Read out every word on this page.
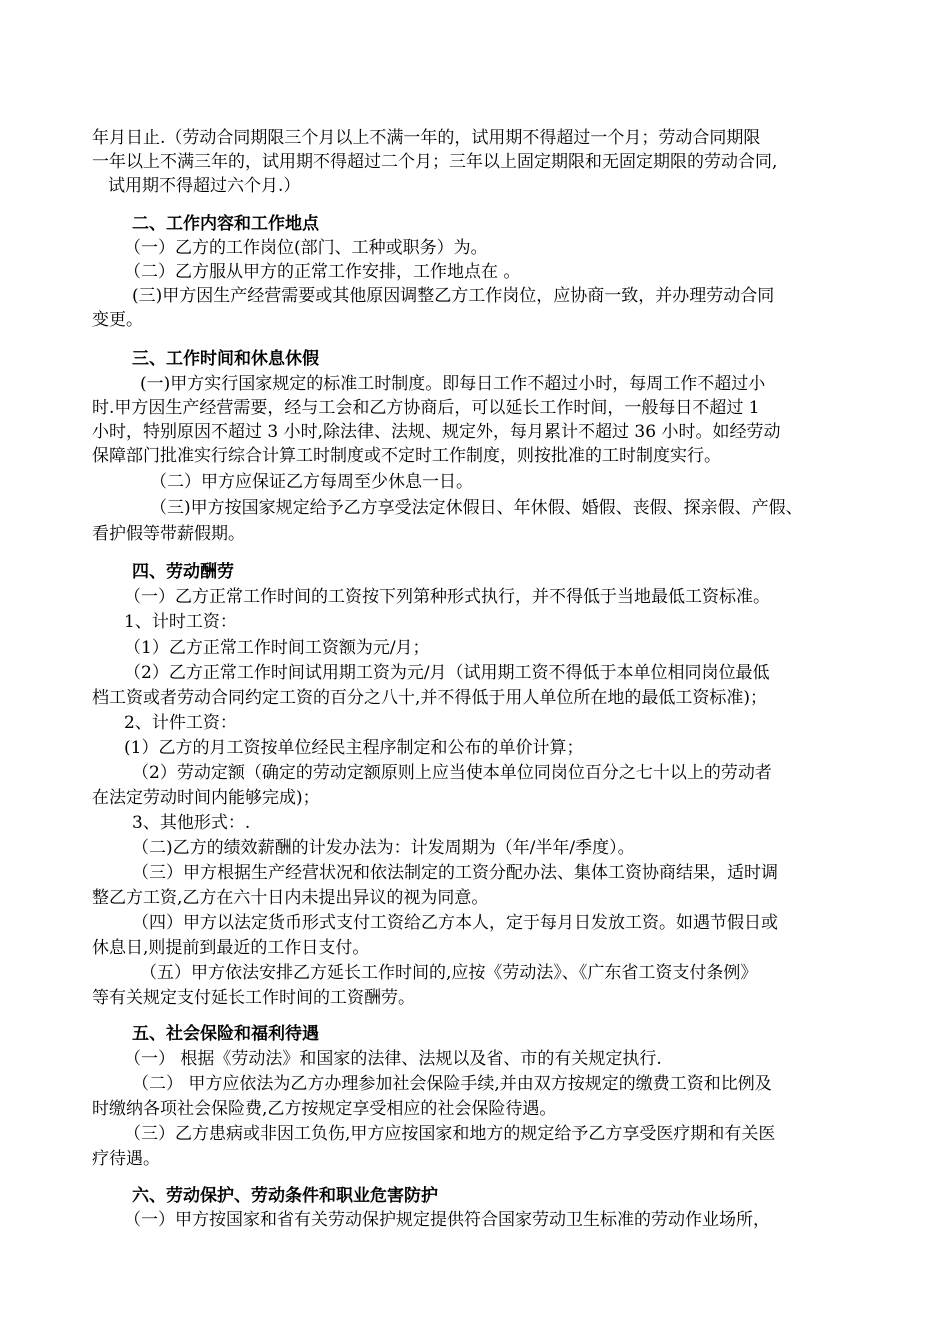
年月日止.（劳动合同期限三个月以上不满一年的，试用期不得超过一个月；劳动合同期限
一年以上不满三年的，试用期不得超过二个月；三年以上固定期限和无固定期限的劳动合同,
试用期不得超过六个月.）
二、工作内容和工作地点
（一）乙方的工作岗位(部门、工种或职务）为。
（二）乙方服从甲方的正常工作安排，工作地点在 。
(三)甲方因生产经营需要或其他原因调整乙方工作岗位，应协商一致，并办理劳动合同
变更。
三、工作时间和休息休假
(一)甲方实行国家规定的标准工时制度。即每日工作不超过小时，每周工作不超过小
时.甲方因生产经营需要，经与工会和乙方协商后，可以延长工作时间，一般每日不超过 1
小时，特别原因不超过 3 小时,除法律、法规、规定外，每月累计不超过 36 小时。如经劳动
保障部门批准实行综合计算工时制度或不定时工作制度，则按批准的工时制度实行。
（二）甲方应保证乙方每周至少休息一日。
（三)甲方按国家规定给予乙方享受法定休假日、年休假、婚假、丧假、探亲假、产假、
看护假等带薪假期。
四、劳动酬劳
（一）乙方正常工作时间的工资按下列第种形式执行，并不得低于当地最低工资标准。
1、计时工资：
（1）乙方正常工作时间工资额为元/月；
（2）乙方正常工作时间试用期工资为元/月（试用期工资不得低于本单位相同岗位最低
档工资或者劳动合同约定工资的百分之八十,并不得低于用人单位所在地的最低工资标准)；
2、计件工资：
(1）乙方的月工资按单位经民主程序制定和公布的单价计算；
（2）劳动定额（确定的劳动定额原则上应当使本单位同岗位百分之七十以上的劳动者
在法定劳动时间内能够完成)；
3、其他形式：.
（二)乙方的绩效薪酬的计发办法为：计发周期为（年/半年/季度）。
（三）甲方根据生产经营状况和依法制定的工资分配办法、集体工资协商结果，适时调
整乙方工资,乙方在六十日内未提出异议的视为同意。
（四）甲方以法定货币形式支付工资给乙方本人，定于每月日发放工资。如遇节假日或
休息日,则提前到最近的工作日支付。
（五）甲方依法安排乙方延长工作时间的,应按《劳动法》、《广东省工资支付条例》
等有关规定支付延长工作时间的工资酬劳。
五、社会保险和福利待遇
（一） 根据《劳动法》和国家的法律、法规以及省、市的有关规定执行.
（二） 甲方应依法为乙方办理参加社会保险手续,并由双方按规定的缴费工资和比例及
时缴纳各项社会保险费,乙方按规定享受相应的社会保险待遇。
（三）乙方患病或非因工负伤,甲方应按国家和地方的规定给予乙方享受医疗期和有关医
疗待遇。
六、劳动保护、劳动条件和职业危害防护
（一）甲方按国家和省有关劳动保护规定提供符合国家劳动卫生标准的劳动作业场所，
